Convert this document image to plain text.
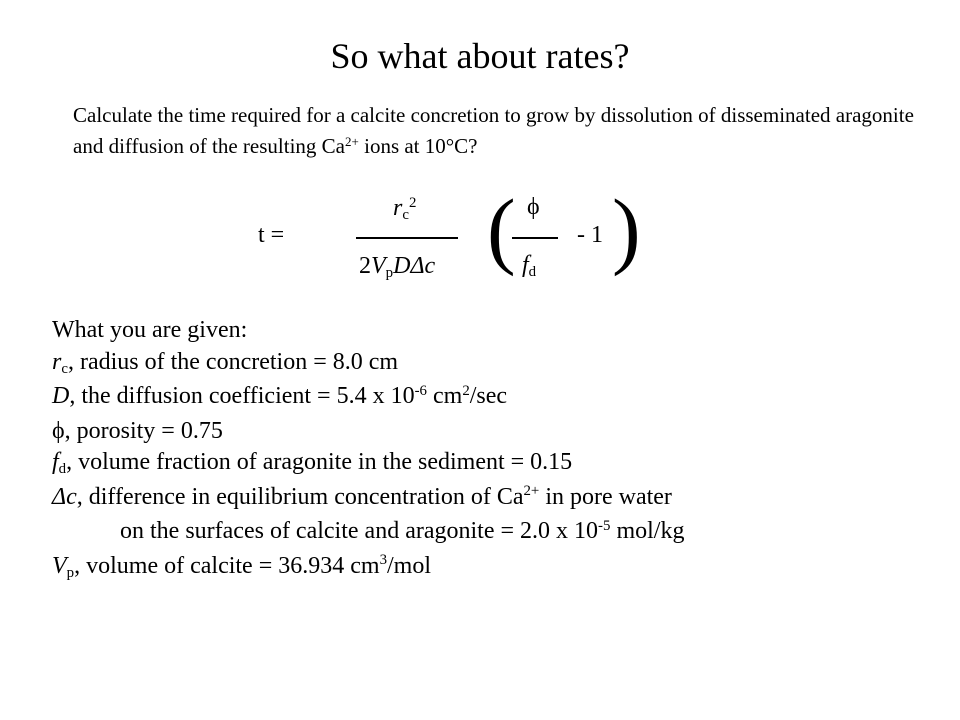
So what about rates?
Calculate the time required for a calcite concretion to grow by dissolution of disseminated aragonite and diffusion of the resulting $Ca^{2+}$ ions at 10°C?
t =
$r_c^2$
$2V_pD\Delta c$ ( ϕ
$f_d$
- 1 )
What you are given:
$r_c$, radius of the concretion = 8.0 cm
D, the diffusion coefficient = 5.4 x $10^{-6}$ $cm^2/\sec$
ϕ, porosity = 0.75
$f_d$, volume fraction of aragonite in the sediment = 0.15
Δc, difference in equilibrium concentration of $Ca^{2+}$ in pore water
on the surfaces of calcite and aragonite = 2.0 x $10^{-5}$ mol/kg
$V_p$, volume of calcite = 36.934 $cm^3$/mol
